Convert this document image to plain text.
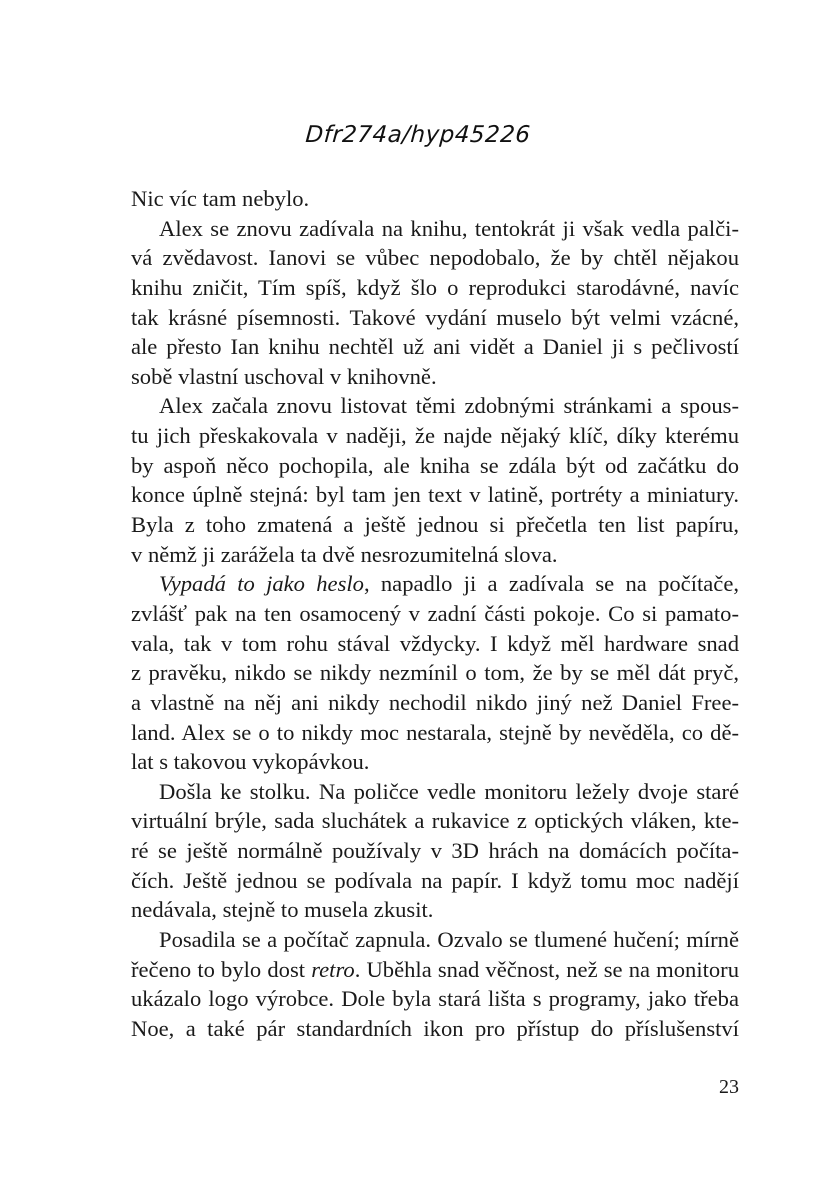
Dfr274a/hyp45226
Nic víc tam nebylo.
Alex se znovu zadívala na knihu, tentokrát ji však vedla palči-
vá zvědavost. Ianovi se vůbec nepodobalo, že by chtěl nějakou
knihu zničit, Tím spíš, když šlo o reprodukci starodávné, navíc
tak krásné písemnosti. Takové vydání muselo být velmi vzácné,
ale přesto Ian knihu nechtěl už ani vidět a Daniel ji s pečlivostí
sobě vlastní uschoval v knihovně.
Alex začala znovu listovat těmi zdobnými stránkami a spous-
tu jich přeskakovala v naději, že najde nějaký klíč, díky kterému
by aspoň něco pochopila, ale kniha se zdála být od začátku do
konce úplně stejná: byl tam jen text v latině, portréty a miniatury.
Byla z toho zmatená a ještě jednou si přečetla ten list papíru,
v němž ji zarážela ta dvě nesrozumitelná slova.
Vypadá to jako heslo, napadlo ji a zadívala se na počítače,
zvlášť pak na ten osamocený v zadní části pokoje. Co si pamato-
vala, tak v tom rohu stával vždycky. I když měl hardware snad
z pravěku, nikdo se nikdy nezmínil o tom, že by se měl dát pryč,
a vlastně na něj ani nikdy nechodil nikdo jiný než Daniel Free-
land. Alex se o to nikdy moc nestarala, stejně by nevěděla, co dě-
lat s takovou vykopávkou.
Došla ke stolku. Na poličce vedle monitoru ležely dvoje staré
virtuální brýle, sada sluchátek a rukavice z optických vláken, kte-
ré se ještě normálně používaly v 3D hrách na domácích počíta-
čích. Ještě jednou se podívala na papír. I když tomu moc nadějí
nedávala, stejně to musela zkusit.
Posadila se a počítač zapnula. Ozvalo se tlumené hučení; mírně
řečeno to bylo dost retro. Uběhla snad věčnost, než se na monitoru
ukázalo logo výrobce. Dole byla stará lišta s programy, jako třeba
Noe, a také pár standardních ikon pro přístup do příslušenství
23
